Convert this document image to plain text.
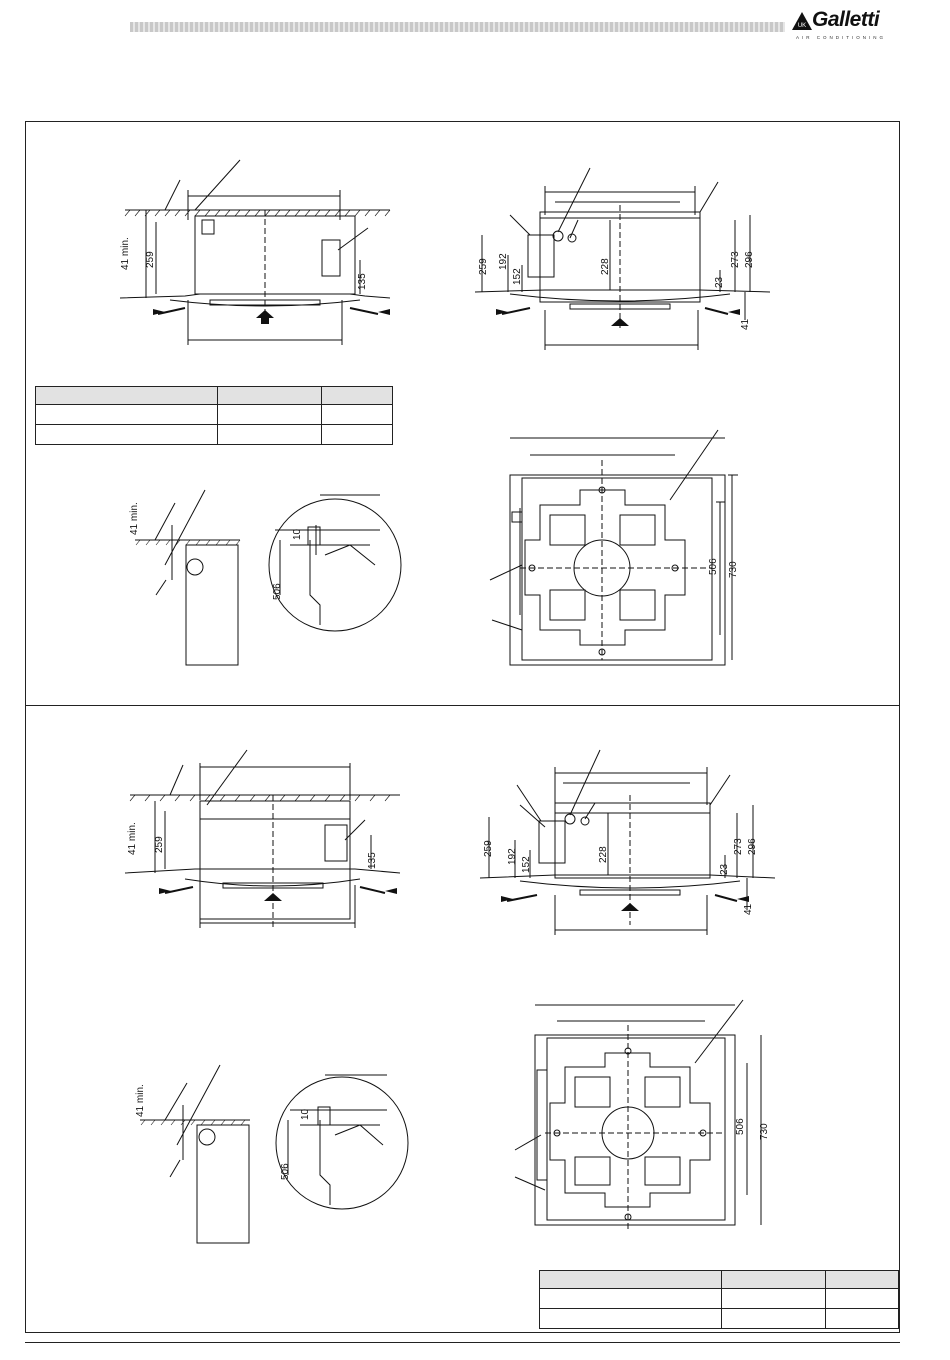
UK Galletti
AIR CONDITIONING
41 min. 259
135
259 192
152
228
23
273 296
41

41 min.	10
506
506 730
41 min. 259
135
259 192 152
228
23
273 296
41
41 min.	10
506
506 730
